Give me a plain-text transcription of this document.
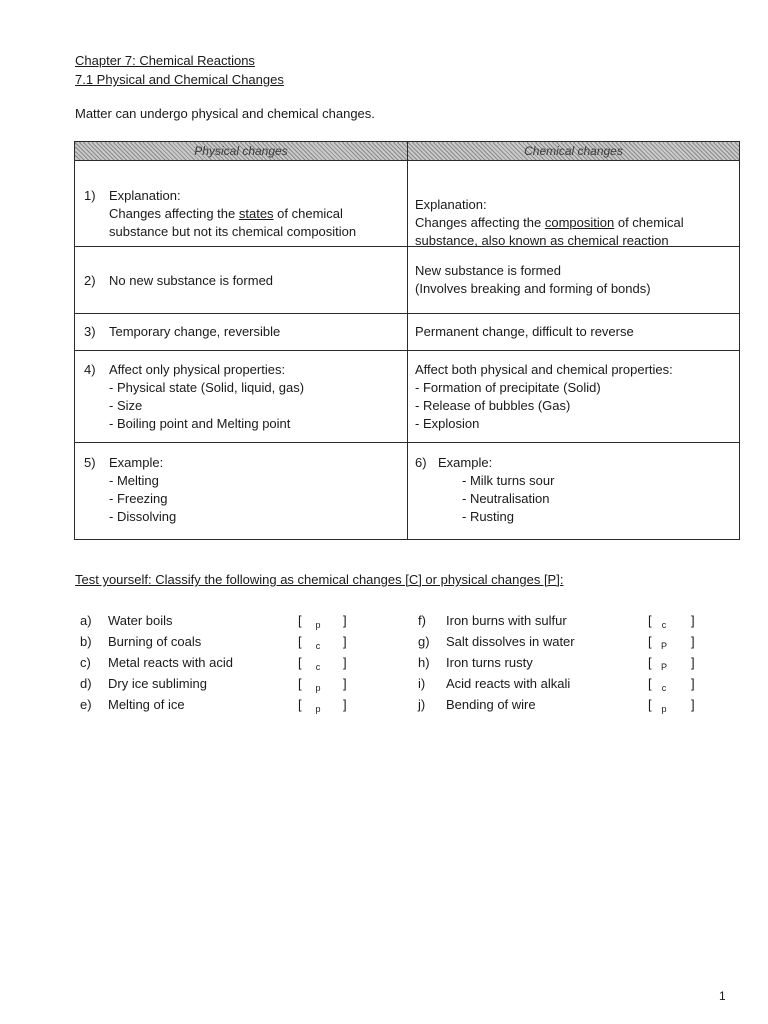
Chapter 7: Chemical Reactions
7.1 Physical and Chemical Changes
Matter can undergo physical and chemical changes.
Physical changes	Chemical changes

1) Explanation:
Changes affecting the states of chemical
substance but not its chemical composition	Explanation:
Changes affecting the composition of chemical
substance, also known as chemical reaction

2) No new substance is formed	New substance is formed
(Involves breaking and forming of bonds)

3) Temporary change, reversible	Permanent change, difficult to reverse

4) Affect only physical properties:
- Physical state (Solid, liquid, gas)
- Size
- Boiling point and Melting point	Affect both physical and chemical properties:
- Formation of precipitate (Solid)
- Release of bubbles (Gas)
- Explosion

5) Example:
- Melting
- Freezing
- Dissolving	6) Example:
- Milk turns sour
- Neutralisation
- Rusting
Test yourself: Classify the following as chemical changes [C] or physical changes [P]:
a)	Water boils	[	p	]
b)	Burning of coals	[	c	]
c)	Metal reacts with acid	[	c	]
d)	Dry ice subliming	[	p	]
e)	Melting of ice	[	p	]
f)	Iron burns with sulfur	[	c	]
g)	Salt dissolves in water	[	P	]
h)	Iron turns rusty	[	P	]
i)	Acid reacts with alkali	[	c	]
j)	Bending of wire	[	p	]
1
